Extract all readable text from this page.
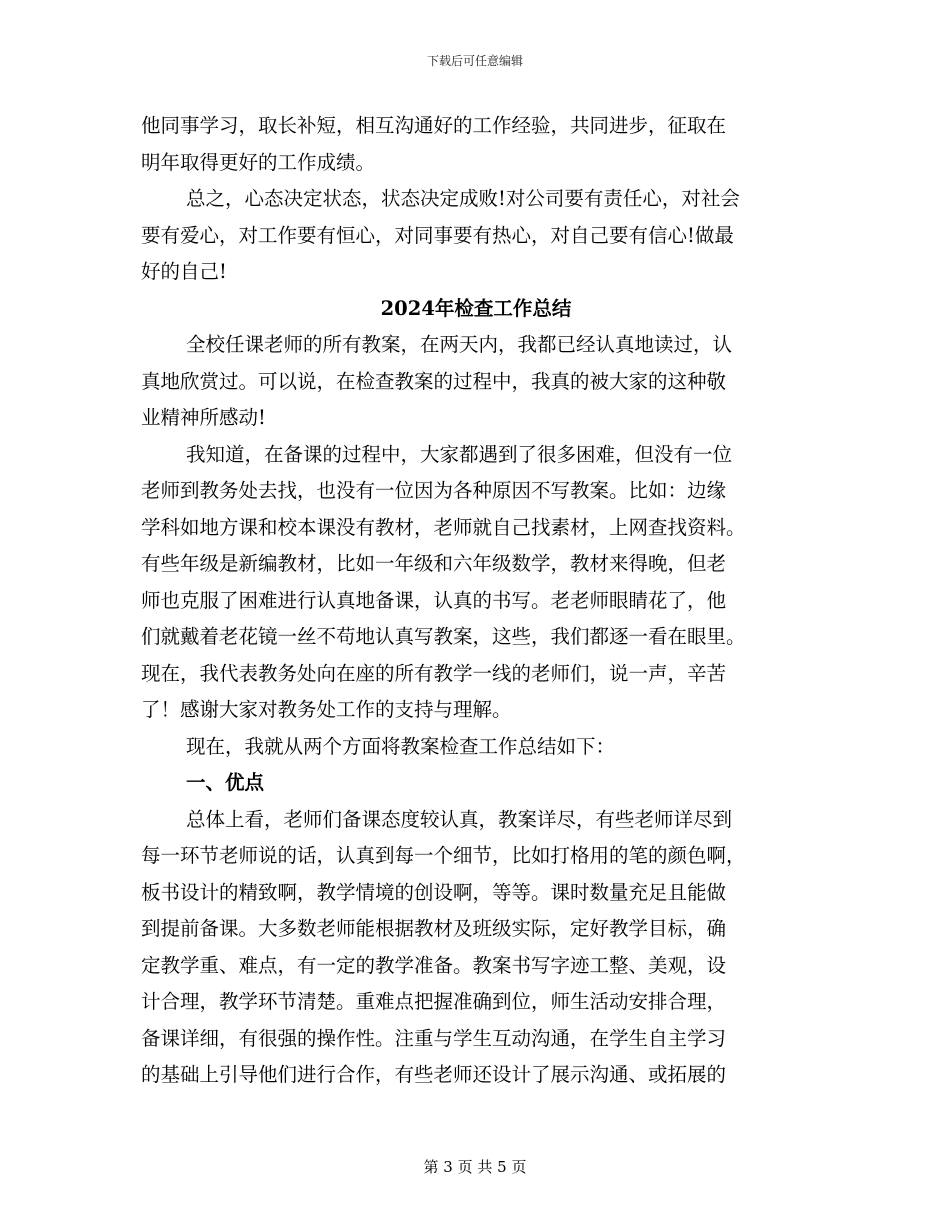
下载后可任意编辑
他同事学习，取长补短，相互沟通好的工作经验，共同进步，征取在
明年取得更好的工作成绩。
总之，心态决定状态，状态决定成败!对公司要有责任心，对社会
要有爱心，对工作要有恒心，对同事要有热心，对自己要有信心!做最
好的自己!
2024年检查工作总结
全校任课老师的所有教案，在两天内，我都已经认真地读过，认
真地欣赏过。可以说，在检查教案的过程中，我真的被大家的这种敬
业精神所感动!
我知道，在备课的过程中，大家都遇到了很多困难，但没有一位
老师到教务处去找，也没有一位因为各种原因不写教案。比如：边缘
学科如地方课和校本课没有教材，老师就自己找素材，上网查找资料。
有些年级是新编教材，比如一年级和六年级数学，教材来得晚，但老
师也克服了困难进行认真地备课，认真的书写。老老师眼睛花了，他
们就戴着老花镜一丝不苟地认真写教案，这些，我们都逐一看在眼里。
现在，我代表教务处向在座的所有教学一线的老师们，说一声，辛苦
了！感谢大家对教务处工作的支持与理解。
现在，我就从两个方面将教案检查工作总结如下：
一、优点
总体上看，老师们备课态度较认真，教案详尽，有些老师详尽到
每一环节老师说的话，认真到每一个细节，比如打格用的笔的颜色啊，
板书设计的精致啊，教学情境的创设啊，等等。课时数量充足且能做
到提前备课。大多数老师能根据教材及班级实际，定好教学目标，确
定教学重、难点，有一定的教学准备。教案书写字迹工整、美观，设
计合理，教学环节清楚。重难点把握准确到位，师生活动安排合理，
备课详细，有很强的操作性。注重与学生互动沟通，在学生自主学习
的基础上引导他们进行合作，有些老师还设计了展示沟通、或拓展的
第 3 页 共 5 页
